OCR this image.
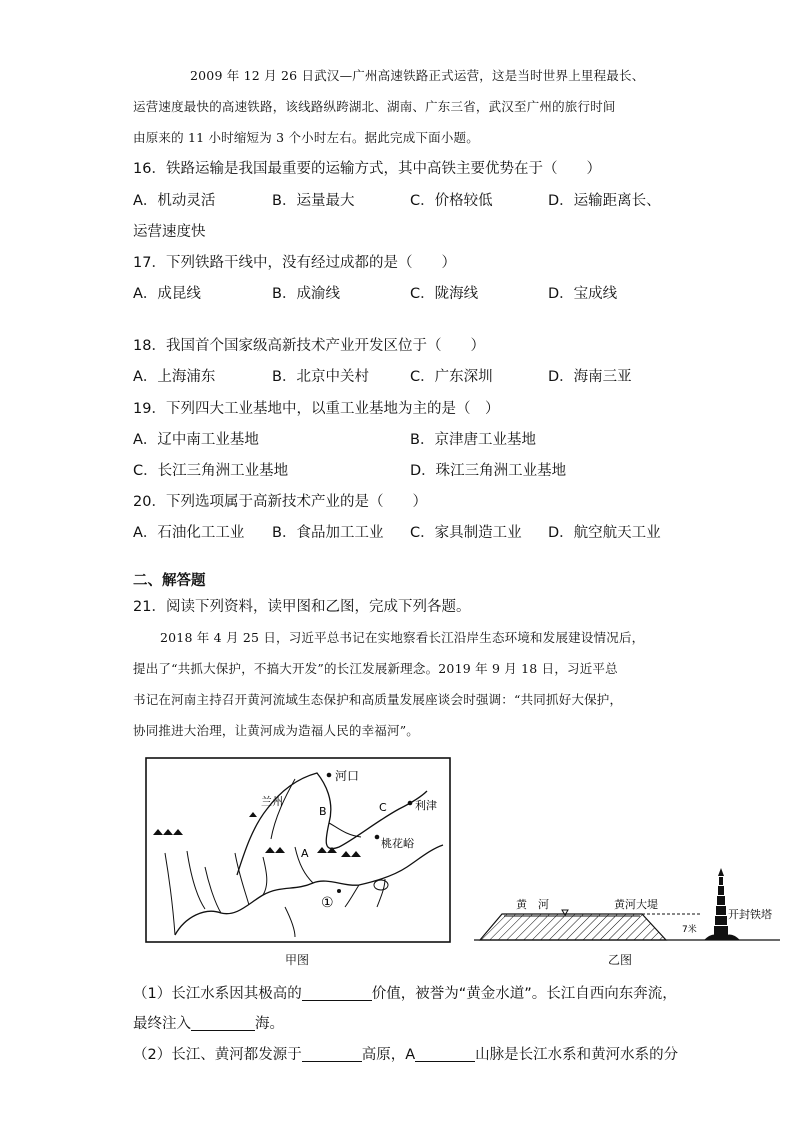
2009 年 12 月 26 日武汉—广州高速铁路正式运营，这是当时世界上里程最长、
运营速度最快的高速铁路，该线路纵跨湖北、湖南、广东三省，武汉至广州的旅行时间
由原来的 11 小时缩短为 3 个小时左右。据此完成下面小题。
16．铁路运输是我国最重要的运输方式，其中高铁主要优势在于（　　）
A．机动灵活	B．运量最大	C．价格较低	D．运输距离长、
运营速度快
17．下列铁路干线中，没有经过成都的是（　　）
A．成昆线	B．成渝线	C．陇海线	D．宝成线
18．我国首个国家级高新技术产业开发区位于（　　）
A．上海浦东	B．北京中关村	C．广东深圳	D．海南三亚
19．下列四大工业基地中，以重工业基地为主的是（　）
A．辽中南工业基地	B．京津唐工业基地
C．长江三角洲工业基地	D．珠江三角洲工业基地
20．下列选项属于高新技术产业的是（　　）
A．石油化工工业 B．食品加工工业 C．家具制造工业 D．航空航天工业
二、解答题
21．阅读下列资料，读甲图和乙图，完成下列各题。
2018 年 4 月 25 日，习近平总书记在实地察看长江沿岸生态环境和发展建设情况后，
提出了“共抓大保护，不搞大开发”的长江发展新理念。2019 年 9 月 18 日，习近平总
书记在河南主持召开黄河流域生态保护和高质量发展座谈会时强调：“共同抓好大保护，
协同推进大治理，让黄河成为造福人民的幸福河”。
河口
兰州
B	C	利津
A
桃花峪
①
甲图
黄　河	黄河大堤
开封铁塔
7米
乙图
（1）长江水系因其极高的	价值，被誉为“黄金水道”。长江自西向东奔流，
最终注入	海。
（2）长江、黄河都发源于	高原，A	山脉是长江水系和黄河水系的分
